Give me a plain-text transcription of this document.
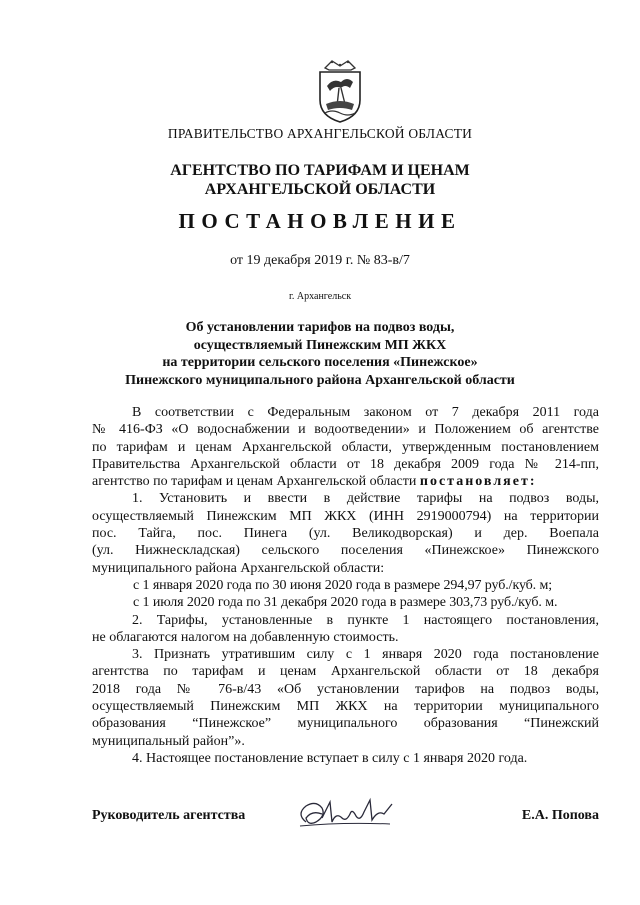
ПРАВИТЕЛЬСТВО АРХАНГЕЛЬСКОЙ ОБЛАСТИ
АГЕНТСТВО ПО ТАРИФАМ И ЦЕНАМ
АРХАНГЕЛЬСКОЙ ОБЛАСТИ
ПОСТАНОВЛЕНИЕ
от 19 декабря 2019 г. № 83-в/7
г. Архангельск
Об установлении тарифов на подвоз воды,
осуществляемый Пинежским МП ЖКХ
на территории сельского поселения «Пинежское»
Пинежского муниципального района Архангельской области

В соответствии с Федеральным законом от 7 декабря 2011 года

№ 416-ФЗ «О водоснабжении и водоотведении» и Положением об агентстве

по тарифам и ценам Архангельской области, утвержденным постановлением

Правительства Архангельской области от 18 декабря 2009 года № 214-пп,

агентство по тарифам и ценам Архангельской области постановляет:

1. Установить и ввести в действие тарифы на подвоз воды,

осуществляемый Пинежским МП ЖКХ (ИНН 2919000794) на территории

пос. Тайга, пос. Пинега (ул. Великодворская) и дер. Воепала

(ул. Нижнескладская) сельского поселения «Пинежское» Пинежского

муниципального района Архангельской области:

с 1 января 2020 года по 30 июня 2020 года в размере 294,97 руб./куб. м;

с 1 июля 2020 года по 31 декабря 2020 года в размере 303,73 руб./куб. м.

2. Тарифы, установленные в пункте 1 настоящего постановления,

не облагаются налогом на добавленную стоимость.

3. Признать утратившим силу с 1 января 2020 года постановление

агентства по тарифам и ценам Архангельской области от 18 декабря

2018 года № 76-в/43 «Об установлении тарифов на подвоз воды,

осуществляемый Пинежским МП ЖКХ на территории муниципального

образования “Пинежское” муниципального образования “Пинежский

муниципальный район”».

4. Настоящее постановление вступает в силу с 1 января 2020 года.

Руководитель агентства	Е.А. Попова
